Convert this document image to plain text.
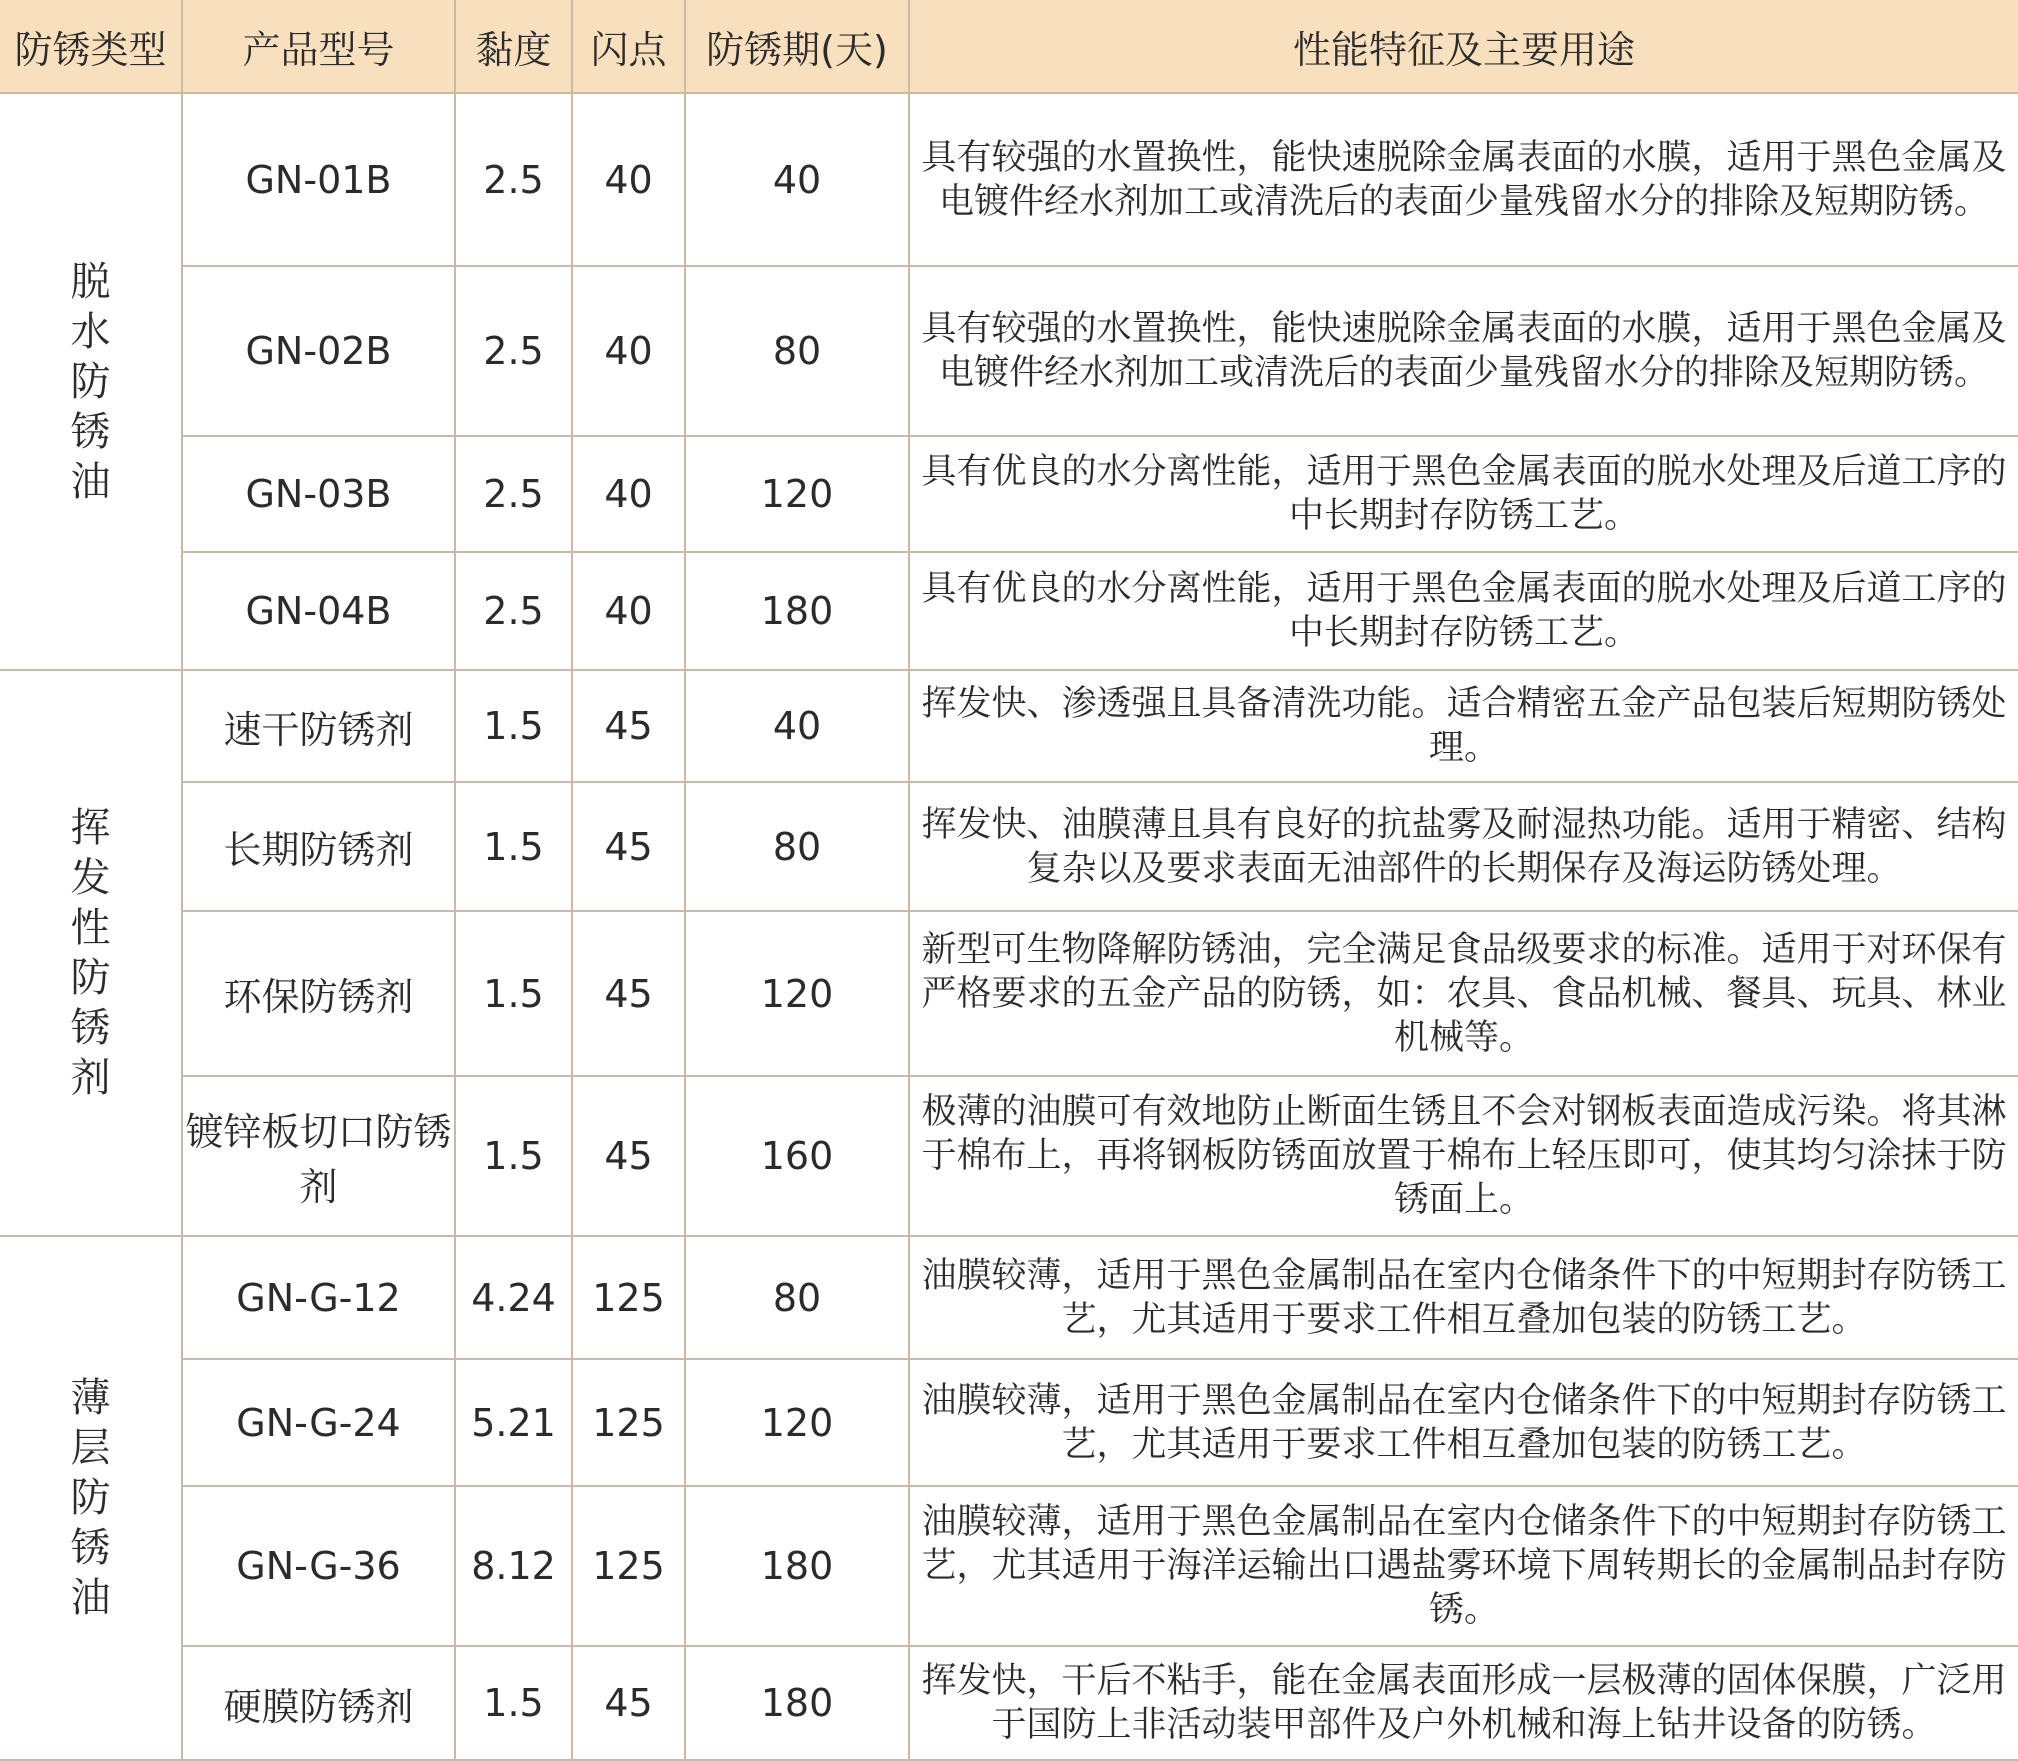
防锈类型	产品型号	黏度	闪点	防锈期(天)	性能特征及主要用途
脱水防锈油	GN-01B	2.5	40	40	具有较强的水置换性，能快速脱除金属表面的水膜，适用于黑色金属及电镀件经水剂加工或清洗后的表面少量残留水分的排除及短期防锈。
	GN-02B	2.5	40	80	具有较强的水置换性，能快速脱除金属表面的水膜，适用于黑色金属及电镀件经水剂加工或清洗后的表面少量残留水分的排除及短期防锈。
	GN-03B	2.5	40	120	具有优良的水分离性能，适用于黑色金属表面的脱水处理及后道工序的中长期封存防锈工艺。
	GN-04B	2.5	40	180	具有优良的水分离性能，适用于黑色金属表面的脱水处理及后道工序的中长期封存防锈工艺。
挥发性防锈剂	速干防锈剂	1.5	45	40	挥发快、渗透强且具备清洗功能。适合精密五金产品包装后短期防锈处理。
	长期防锈剂	1.5	45	80	挥发快、油膜薄且具有良好的抗盐雾及耐湿热功能。适用于精密、结构复杂以及要求表面无油部件的长期保存及海运防锈处理。
	环保防锈剂	1.5	45	120	新型可生物降解防锈油，完全满足食品级要求的标准。适用于对环保有严格要求的五金产品的防锈，如：农具、食品机械、餐具、玩具、林业机械等。
	镀锌板切口防锈剂	1.5	45	160	极薄的油膜可有效地防止断面生锈且不会对钢板表面造成污染。将其淋于棉布上，再将钢板防锈面放置于棉布上轻压即可，使其均匀涂抹于防锈面上。
薄层防锈油	GN-G-12	4.24	125	80	油膜较薄，适用于黑色金属制品在室内仓储条件下的中短期封存防锈工艺，尤其适用于要求工件相互叠加包装的防锈工艺。
	GN-G-24	5.21	125	120	油膜较薄，适用于黑色金属制品在室内仓储条件下的中短期封存防锈工艺，尤其适用于要求工件相互叠加包装的防锈工艺。
	GN-G-36	8.12	125	180	油膜较薄，适用于黑色金属制品在室内仓储条件下的中短期封存防锈工艺，尤其适用于海洋运输出口遇盐雾环境下周转期长的金属制品封存防锈。
	硬膜防锈剂	1.5	45	180	挥发快，干后不粘手，能在金属表面形成一层极薄的固体保膜，广泛用于国防上非活动装甲部件及户外机械和海上钻井设备的防锈。
